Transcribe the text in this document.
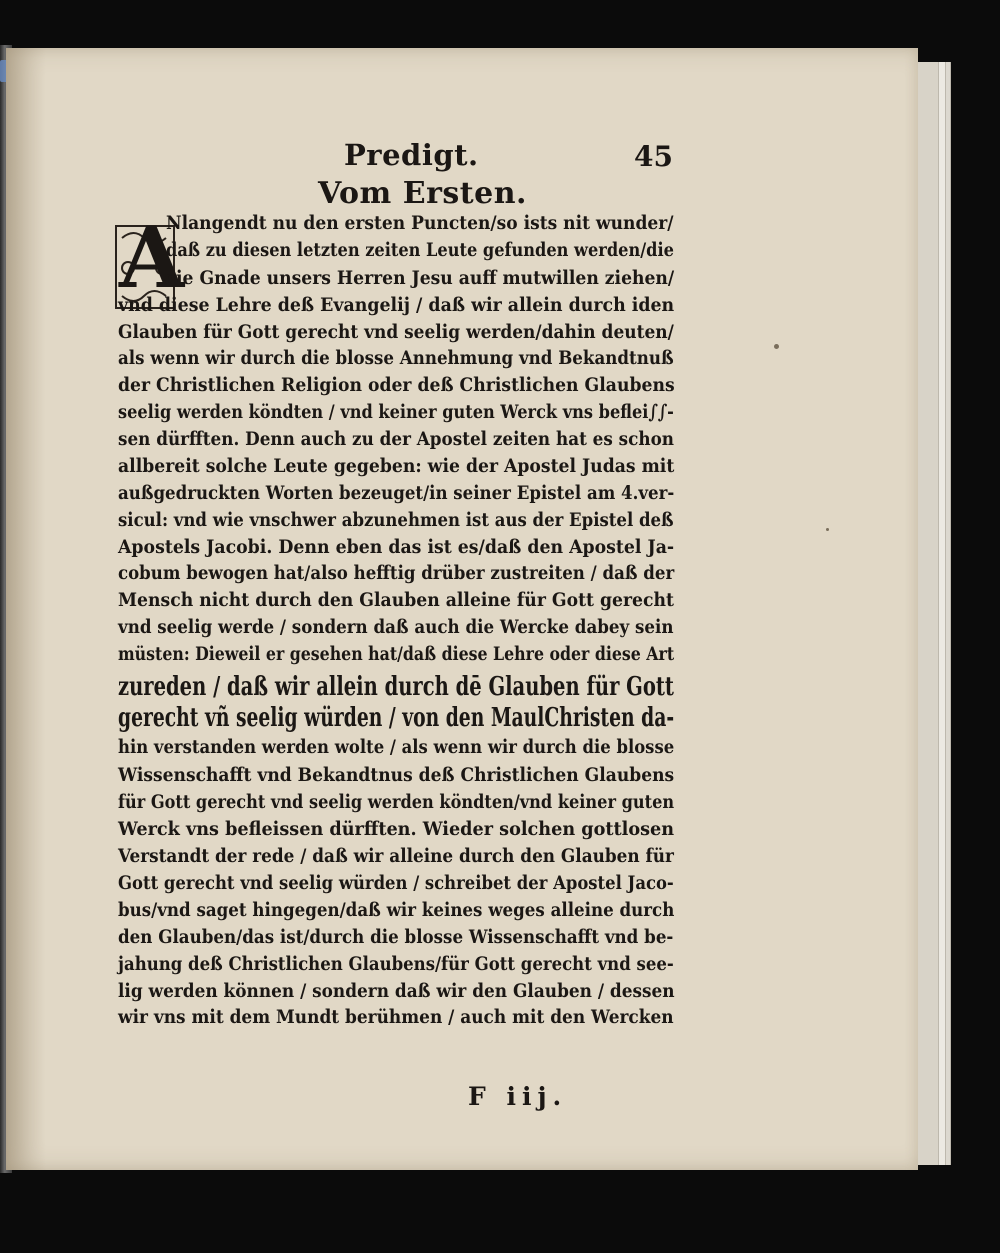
Predigt.	45
Vom Ersten.
A
Nlangendt nu den ersten Puncten/so ists nit wunder/
daß zu diesen letzten zeiten Leute gefunden werden/die
die Gnade unsers Herren Jesu auff mutwillen ziehen/
vnd diese Lehre deß Evangelij / daß wir allein durch iden
Glauben für Gott gerecht vnd seelig werden/dahin deuten/
als wenn wir durch die blosse Annehmung vnd Bekandtnuß
der Christlichen Religion oder deß Christlichen Glaubens
seelig werden köndten / vnd keiner guten Werck vns beflei∫∫-
sen dürfften. Denn auch zu der Apostel zeiten hat es schon
allbereit solche Leute gegeben: wie der Apostel Judas mit
außgedruckten Worten bezeuget/in seiner Epistel am 4.ver-
sicul: vnd wie vnschwer abzunehmen ist aus der Epistel deß
Apostels Jacobi. Denn eben das ist es/daß den Apostel Ja-
cobum bewogen hat/also hefftig drüber zustreiten / daß der
Mensch nicht durch den Glauben alleine für Gott gerecht
vnd seelig werde / sondern daß auch die Wercke dabey sein
müsten: Dieweil er gesehen hat/daß diese Lehre oder diese Art
zureden / daß wir allein durch dē Glauben für Gott
gerecht vñ seelig würden / von den MaulChristen da-
hin verstanden werden wolte / als wenn wir durch die blosse
Wissenschafft vnd Bekandtnus deß Christlichen Glaubens
für Gott gerecht vnd seelig werden köndten/vnd keiner guten
Werck vns befleissen dürfften. Wieder solchen gottlosen
Verstandt der rede / daß wir alleine durch den Glauben für
Gott gerecht vnd seelig würden / schreibet der Apostel Jaco-
bus/vnd saget hingegen/daß wir keines weges alleine durch
den Glauben/das ist/durch die blosse Wissenschafft vnd be-
jahung deß Christlichen Glaubens/für Gott gerecht vnd see-
lig werden können / sondern daß wir den Glauben / dessen
wir vns mit dem Mundt berühmen / auch mit den Wercken
F iij.
